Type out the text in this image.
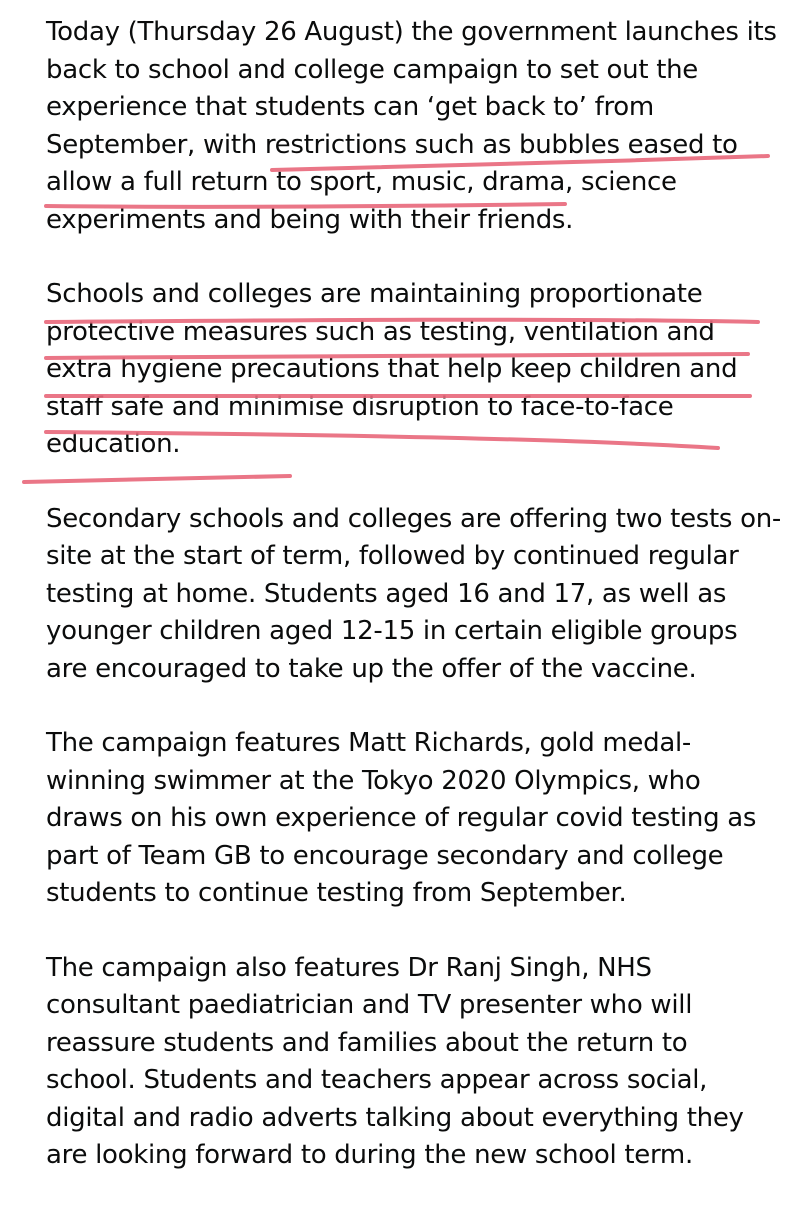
Today (Thursday 26 August) the government launches its back to school and college campaign to set out the experience that students can ‘get back to’ from September, with restrictions such as bubbles eased to allow a full return to sport, music, drama, science experiments and being with their friends.

Schools and colleges are maintaining proportionate protective measures such as testing, ventilation and extra hygiene precautions that help keep children and staff safe and minimise disruption to face-to-face education.

Secondary schools and colleges are offering two tests on-site at the start of term, followed by continued regular testing at home. Students aged 16 and 17, as well as younger children aged 12-15 in certain eligible groups are encouraged to take up the offer of the vaccine.

The campaign features Matt Richards, gold medal-winning swimmer at the Tokyo 2020 Olympics, who draws on his own experience of regular covid testing as part of Team GB to encourage secondary and college students to continue testing from September.

The campaign also features Dr Ranj Singh, NHS consultant paediatrician and TV presenter who will reassure students and families about the return to school. Students and teachers appear across social, digital and radio adverts talking about everything they are looking forward to during the new school term.
